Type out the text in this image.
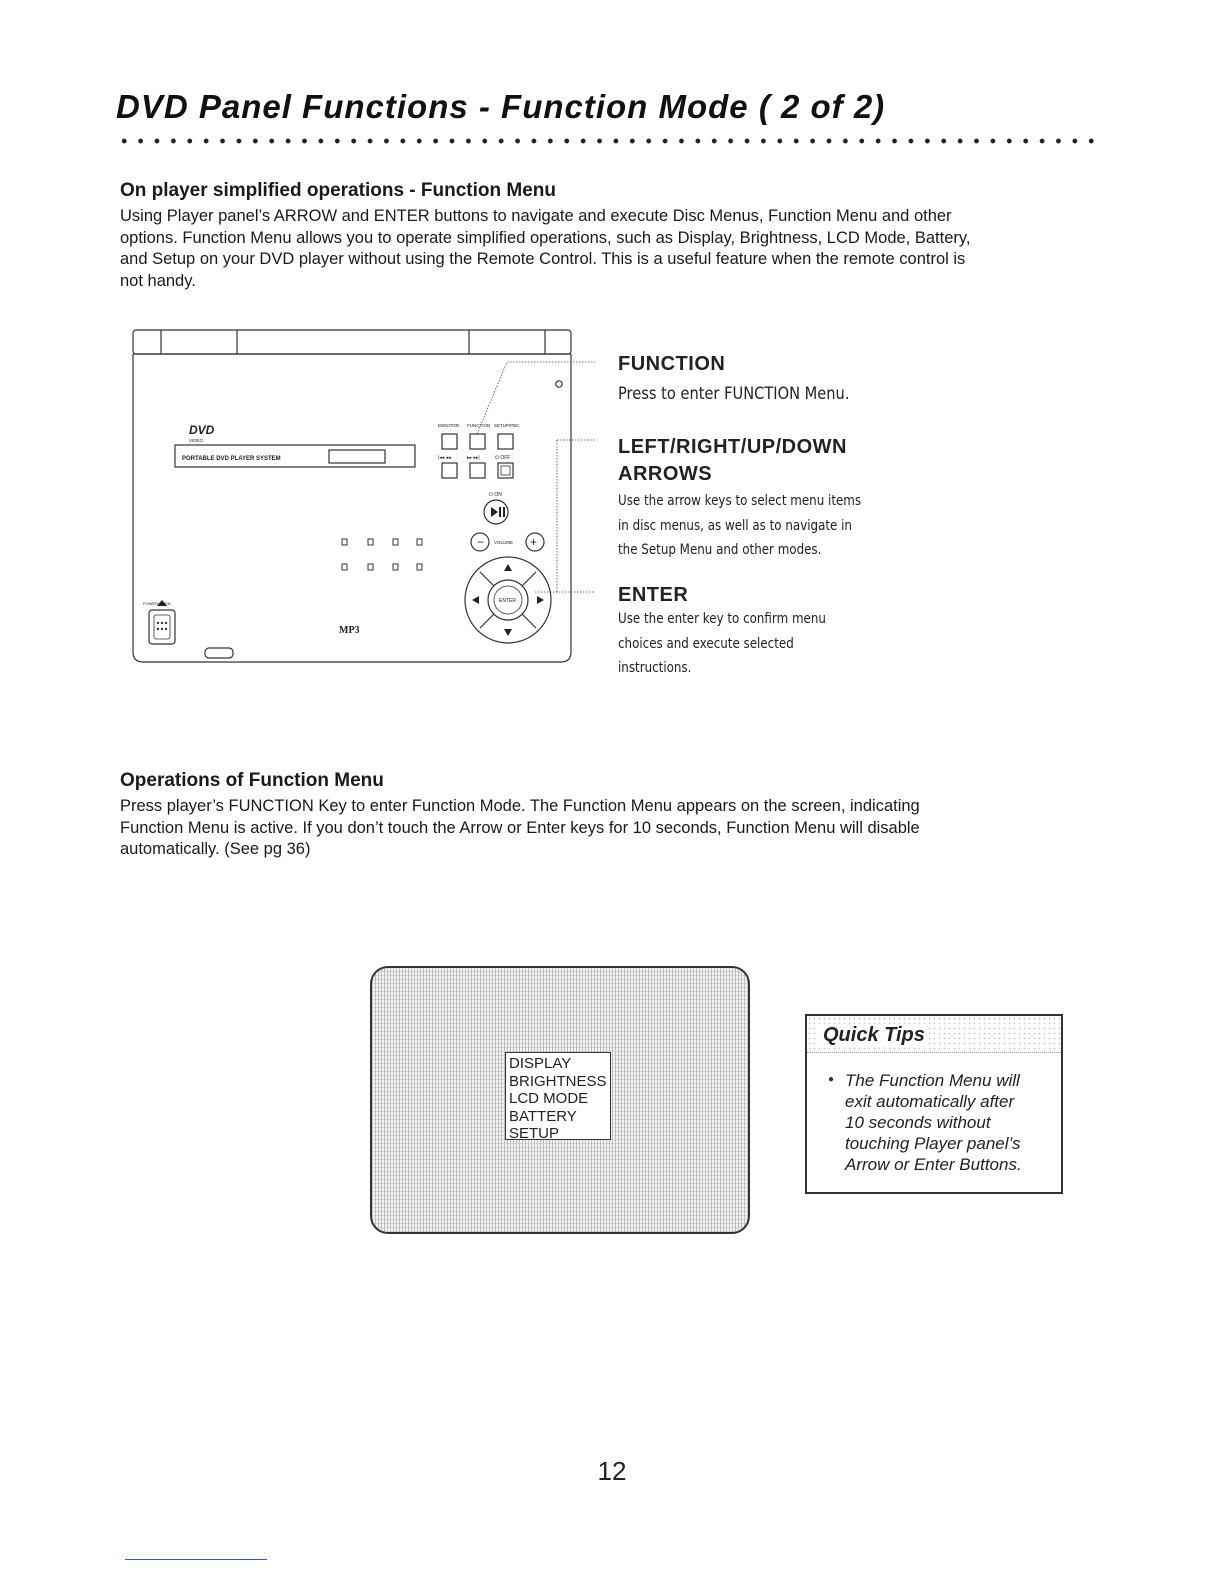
DVD Panel Functions - Function Mode ( 2 of 2)
On player simplified operations - Function Menu
Using Player panel’s ARROW and ENTER buttons to navigate and execute Disc Menus, Function Menu and other
options. Function Menu allows you to operate simplified operations, such as Display, Brightness, LCD Mode, Battery,
and Setup on your DVD player without using the Remote Control. This is a useful feature when the remote control is
not handy.
DVD
VIDEO
PORTABLE DVD PLAYER SYSTEM
MONITOR FUNCTION SETUP/PBC
|◂◂ ◂◂	▸▸ ▸▸|	⏻ OFF
⏻ ON
VOLUME
−	+
ENTER
MP3
POWER/OPEN
FUNCTION
Press to enter FUNCTION Menu.
LEFT/RIGHT/UP/DOWN
ARROWS
Use the arrow keys to select menu items
in disc menus, as well as to navigate in
the Setup Menu and other modes.
ENTER
Use the enter key to confirm menu
choices and execute selected
instructions.
Operations of Function Menu
Press player’s FUNCTION Key to enter Function Mode. The Function Menu appears on the screen, indicating
Function Menu is active. If you don’t touch the Arrow or Enter keys for 10 seconds, Function Menu will disable
automatically. (See pg 36)
DISPLAY
BRIGHTNESS
LCD MODE
BATTERY
SETUP
Quick Tips
● The Function Menu will
exit automatically after
10 seconds without
touching Player panel’s
Arrow or Enter Buttons.
12
